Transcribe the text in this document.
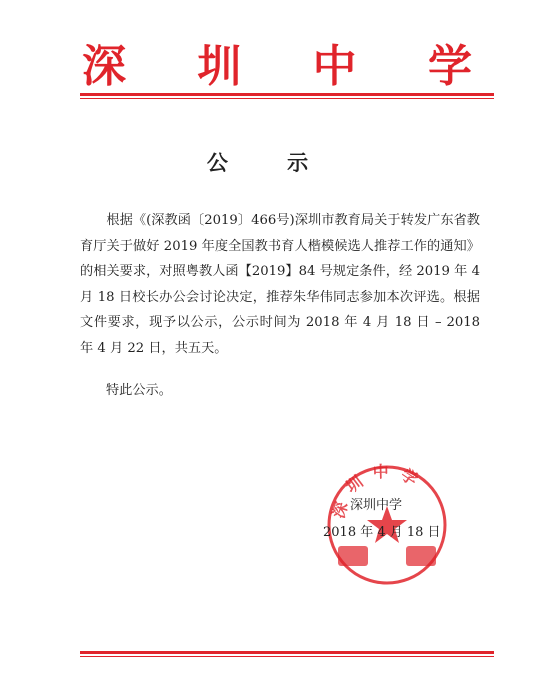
深 圳 中 学
公 示

根据《(深教函〔2019〕466号)深圳市教育局关于转发广东省教育厅关于做好 2019 年度全国教书育人楷模候选人推荐工作的通知》的相关要求，对照粤教人函【2019】84 号规定条件，经 2019 年 4 月 18 日校长办公会讨论决定，推荐朱华伟同志参加本次评选。根据文件要求，现予以公示，公示时间为 2018 年 4 月 18 日 – 2018 年 4 月 22 日，共五天。

特此公示。
深圳中学
深圳中学
2018 年 4 月 18 日
